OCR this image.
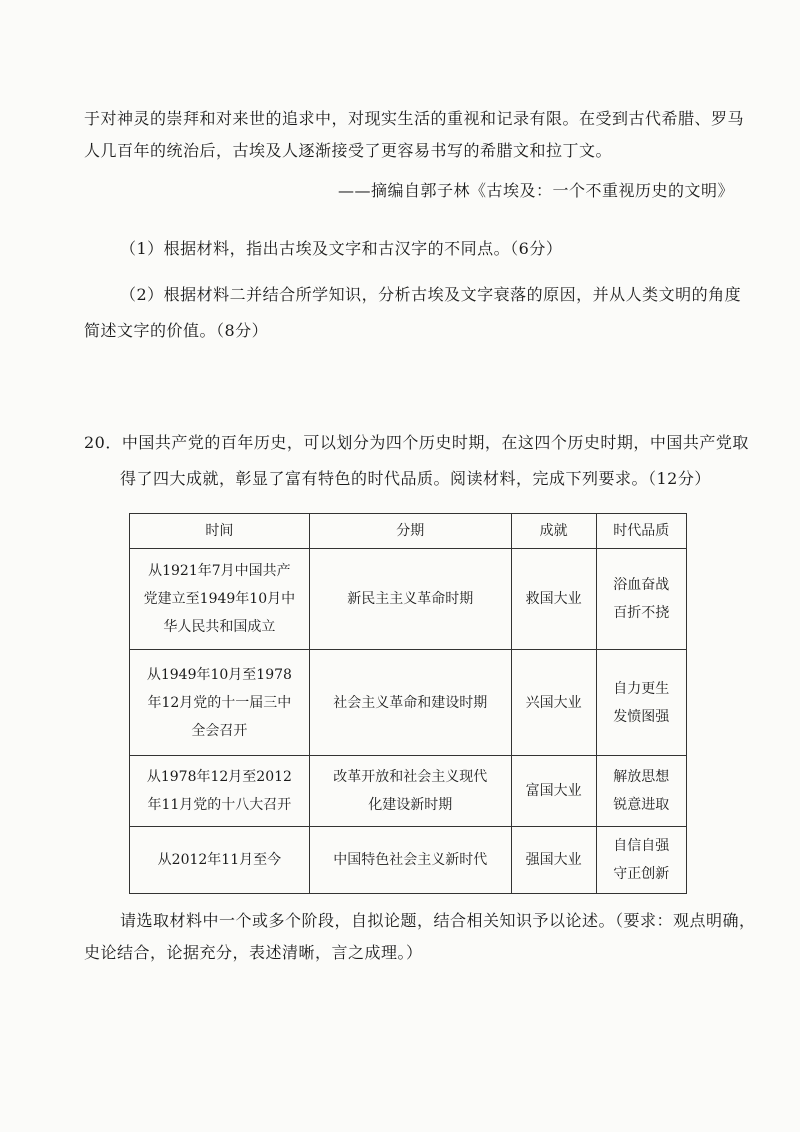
于对神灵的崇拜和对来世的追求中，对现实生活的重视和记录有限。在受到古代希腊、罗马
人几百年的统治后，古埃及人逐渐接受了更容易书写的希腊文和拉丁文。
——摘编自郭子林《古埃及：一个不重视历史的文明》
（1）根据材料，指出古埃及文字和古汉字的不同点。（6分）
（2）根据材料二并结合所学知识，分析古埃及文字衰落的原因，并从人类文明的角度
简述文字的价值。（8分）
20．中国共产党的百年历史，可以划分为四个历史时期，在这四个历史时期，中国共产党取
得了四大成就，彰显了富有特色的时代品质。阅读材料，完成下列要求。（12分）
时间	分期	成就	时代品质

从1921年7月中国共产
党建立至1949年10月中
华人民共和国成立	新民主主义革命时期	救国大业	浴血奋战
百折不挠

从1949年10月至1978
年12月党的十一届三中
全会召开	社会主义革命和建设时期	兴国大业	自力更生
发愤图强

从1978年12月至2012
年11月党的十八大召开	改革开放和社会主义现代
化建设新时期	富国大业	解放思想
锐意进取

从2012年11月至今	中国特色社会主义新时代	强国大业	自信自强
守正创新
请选取材料中一个或多个阶段，自拟论题，结合相关知识予以论述。（要求：观点明确，
史论结合，论据充分，表述清晰，言之成理。）
